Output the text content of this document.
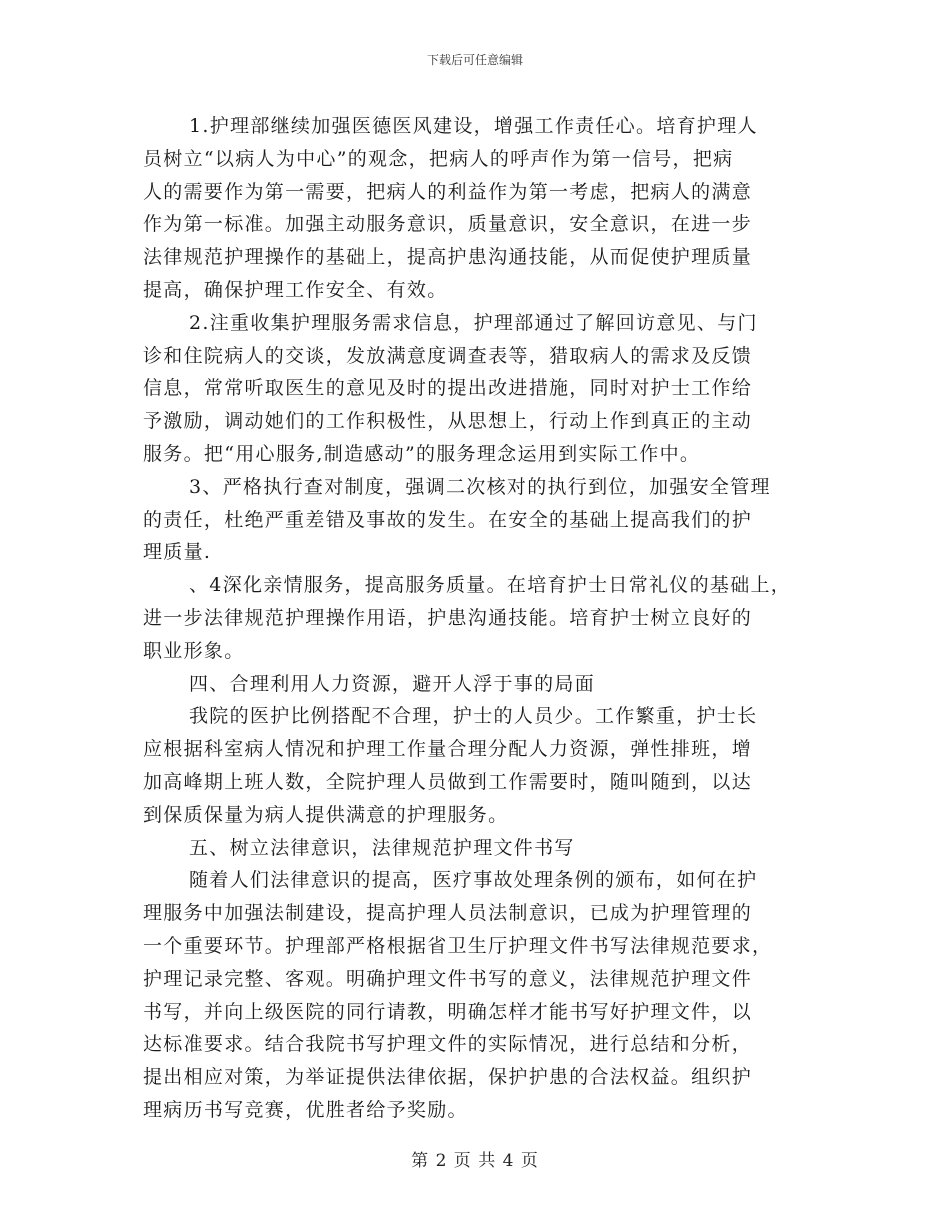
下载后可任意编辑
1.护理部继续加强医德医风建设，增强工作责任心。培育护理人
员树立“以病人为中心”的观念，把病人的呼声作为第一信号，把病
人的需要作为第一需要，把病人的利益作为第一考虑，把病人的满意
作为第一标准。加强主动服务意识，质量意识，安全意识，在进一步
法律规范护理操作的基础上，提高护患沟通技能，从而促使护理质量
提高，确保护理工作安全、有效。
2.注重收集护理服务需求信息，护理部通过了解回访意见、与门
诊和住院病人的交谈，发放满意度调查表等，猎取病人的需求及反馈
信息，常常听取医生的意见及时的提出改进措施，同时对护士工作给
予激励，调动她们的工作积极性，从思想上，行动上作到真正的主动
服务。把“用心服务,制造感动”的服务理念运用到实际工作中。
3、严格执行查对制度，强调二次核对的执行到位，加强安全管理
的责任，杜绝严重差错及事故的发生。在安全的基础上提高我们的护
理质量.
、4深化亲情服务，提高服务质量。在培育护士日常礼仪的基础上，
进一步法律规范护理操作用语，护患沟通技能。培育护士树立良好的
职业形象。
四、合理利用人力资源，避开人浮于事的局面
我院的医护比例搭配不合理，护士的人员少。工作繁重，护士长
应根据科室病人情况和护理工作量合理分配人力资源，弹性排班，增
加高峰期上班人数，全院护理人员做到工作需要时，随叫随到，以达
到保质保量为病人提供满意的护理服务。
五、树立法律意识，法律规范护理文件书写
随着人们法律意识的提高，医疗事故处理条例的颁布，如何在护
理服务中加强法制建设，提高护理人员法制意识，已成为护理管理的
一个重要环节。护理部严格根据省卫生厅护理文件书写法律规范要求，
护理记录完整、客观。明确护理文件书写的意义，法律规范护理文件
书写，并向上级医院的同行请教，明确怎样才能书写好护理文件，以
达标准要求。结合我院书写护理文件的实际情况，进行总结和分析，
提出相应对策，为举证提供法律依据，保护护患的合法权益。组织护
理病历书写竞赛，优胜者给予奖励。
第 2 页 共 4 页
